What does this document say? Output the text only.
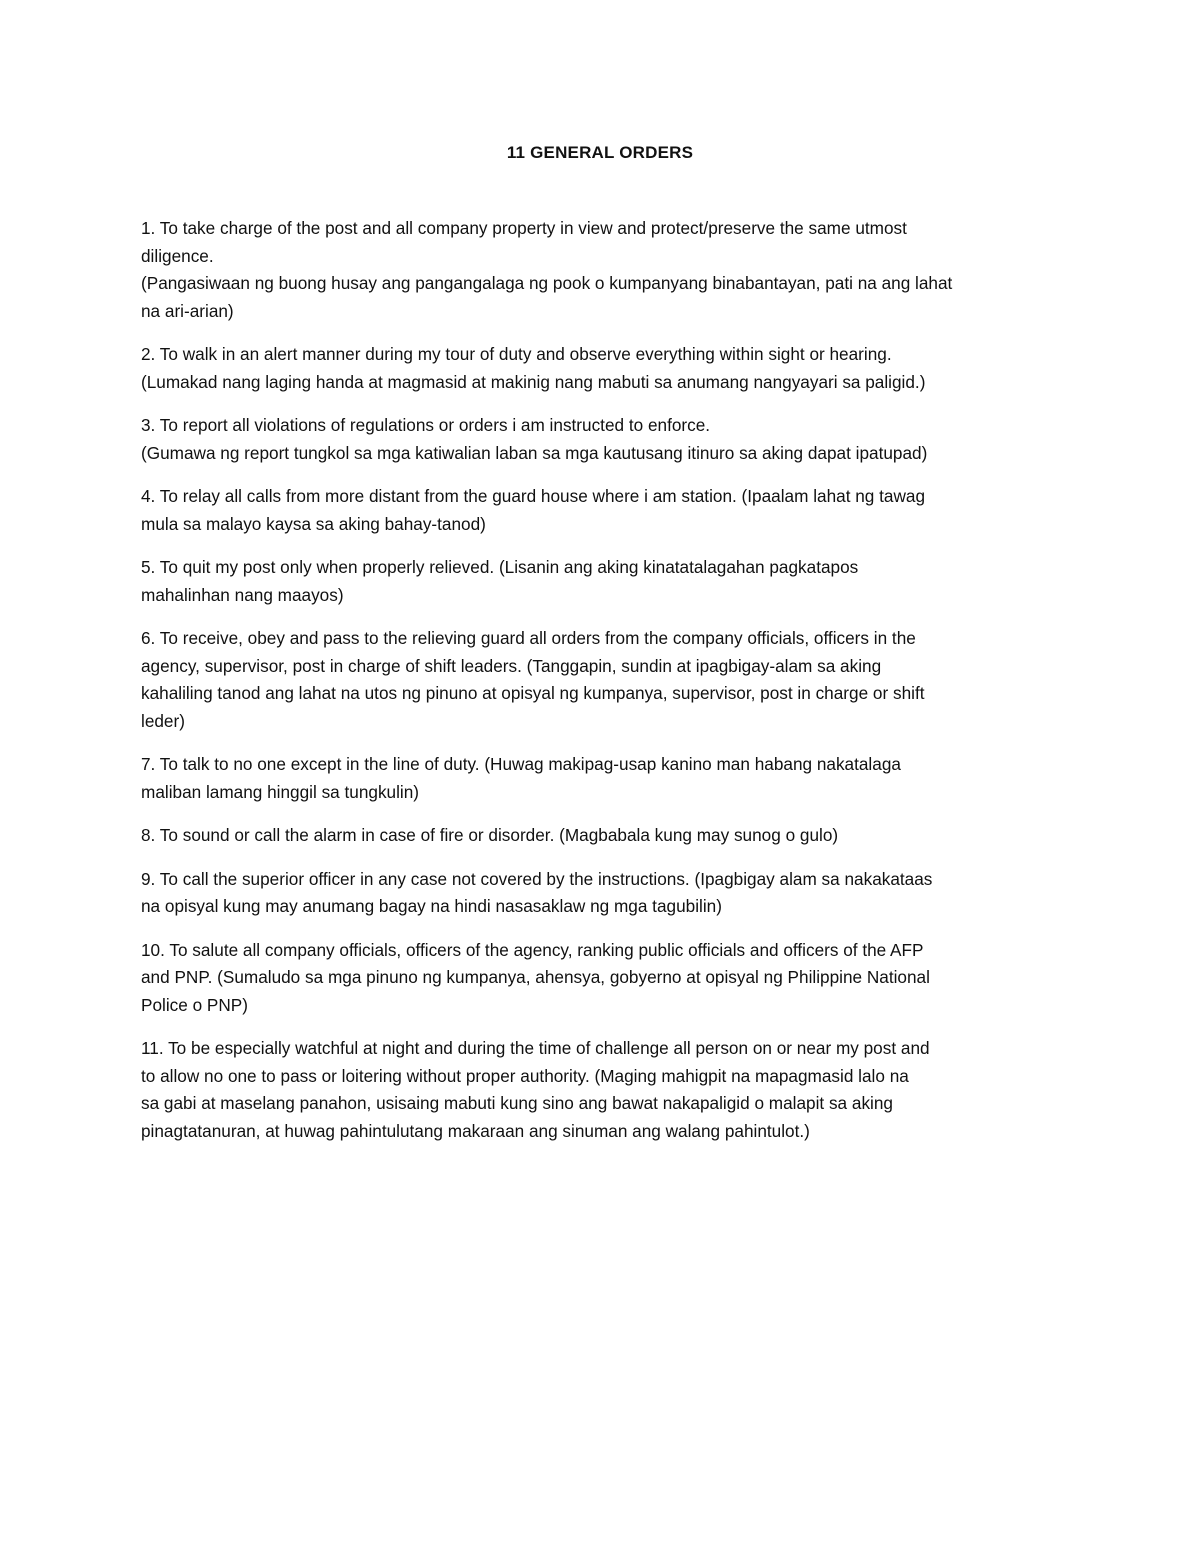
11 GENERAL ORDERS

1. To take charge of the post and all company property in view and protect/preserve the same utmost
diligence.
(Pangasiwaan ng buong husay ang pangangalaga ng pook o kumpanyang binabantayan, pati na ang lahat
na ari-arian)

2. To walk in an alert manner during my tour of duty and observe everything within sight or hearing.
(Lumakad nang laging handa at magmasid at makinig nang mabuti sa anumang nangyayari sa paligid.)

3. To report all violations of regulations or orders i am instructed to enforce.
(Gumawa ng report tungkol sa mga katiwalian laban sa mga kautusang itinuro sa aking dapat ipatupad)

4. To relay all calls from more distant from the guard house where i am station. (Ipaalam lahat ng tawag
mula sa malayo kaysa sa aking bahay-tanod)

5. To quit my post only when properly relieved. (Lisanin ang aking kinatatalagahan pagkatapos
mahalinhan nang maayos)

6. To receive, obey and pass to the relieving guard all orders from the company officials, officers in the
agency, supervisor, post in charge of shift leaders. (Tanggapin, sundin at ipagbigay-alam sa aking
kahaliling tanod ang lahat na utos ng pinuno at opisyal ng kumpanya, supervisor, post in charge or shift
leder)

7. To talk to no one except in the line of duty. (Huwag makipag-usap kanino man habang nakatalaga
maliban lamang hinggil sa tungkulin)

8. To sound or call the alarm in case of fire or disorder. (Magbabala kung may sunog o gulo)

9. To call the superior officer in any case not covered by the instructions. (Ipagbigay alam sa nakakataas
na opisyal kung may anumang bagay na hindi nasasaklaw ng mga tagubilin)

10. To salute all company officials, officers of the agency, ranking public officials and officers of the AFP
and PNP. (Sumaludo sa mga pinuno ng kumpanya, ahensya, gobyerno at opisyal ng Philippine National
Police o PNP)

11. To be especially watchful at night and during the time of challenge all person on or near my post and
to allow no one to pass or loitering without proper authority. (Maging mahigpit na mapagmasid lalo na
sa gabi at maselang panahon, usisaing mabuti kung sino ang bawat nakapaligid o malapit sa aking
pinagtatanuran, at huwag pahintulutang makaraan ang sinuman ang walang pahintulot.)
